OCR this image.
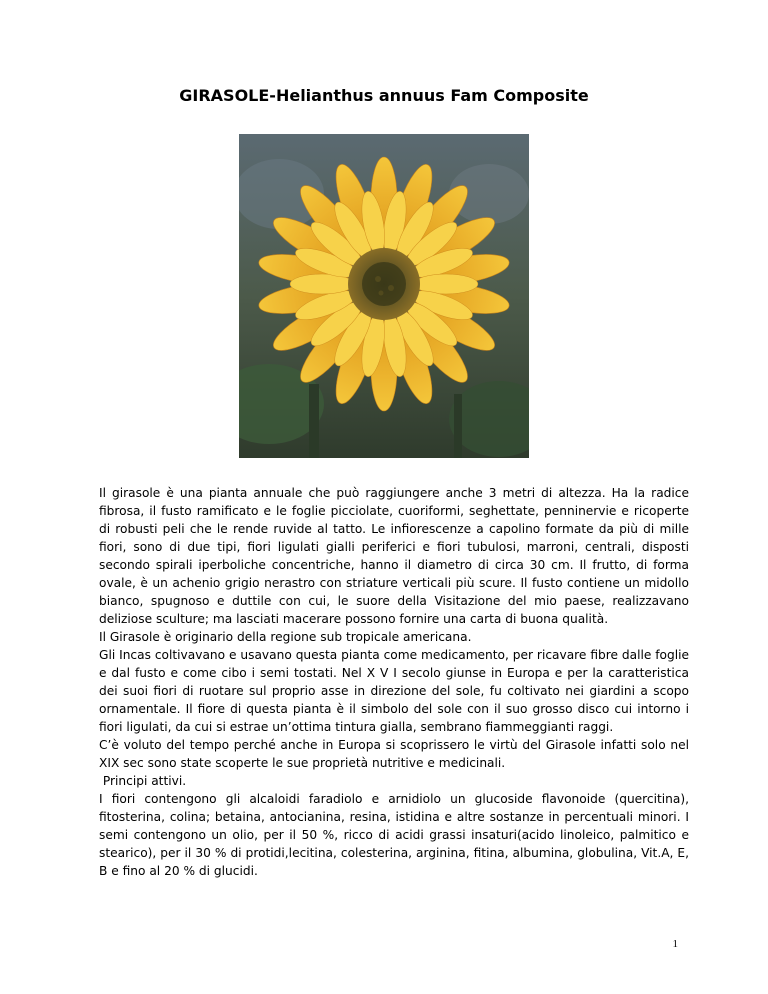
GIRASOLE-Helianthus annuus Fam Composite

Il girasole è una pianta annuale che può raggiungere anche 3 metri di altezza. Ha la radice fibrosa, il fusto ramificato e le foglie picciolate, cuoriformi, seghettate, penninervie e ricoperte di robusti peli che le rende ruvide al tatto. Le infiorescenze a capolino formate da più di mille fiori, sono di due tipi, fiori ligulati gialli periferici e fiori tubulosi, marroni, centrali, disposti secondo spirali iperboliche concentriche, hanno il diametro di circa 30 cm. Il frutto, di forma ovale, è un achenio grigio nerastro con striature verticali più scure. Il fusto contiene un midollo bianco, spugnoso e duttile con cui, le suore della Visitazione del mio paese, realizzavano deliziose sculture; ma lasciati macerare possono fornire una carta di buona qualità.

Il Girasole è originario della regione sub tropicale americana.

Gli Incas coltivavano e usavano questa pianta come medicamento, per ricavare fibre dalle foglie e dal fusto e come cibo i semi tostati. Nel X V I secolo giunse in Europa e per la caratteristica dei suoi fiori di ruotare sul proprio asse in direzione del sole, fu coltivato nei giardini a scopo ornamentale. Il fiore di questa pianta è il simbolo del sole con il suo grosso disco cui intorno i fiori ligulati, da cui si estrae un’ottima tintura gialla, sembrano fiammeggianti raggi.

C’è voluto del tempo perché anche in Europa si scoprissero le virtù del Girasole infatti solo nel XIX sec sono state scoperte le sue proprietà nutritive e medicinali.

Principi attivi.

I fiori contengono gli alcaloidi faradiolo e arnidiolo un glucoside flavonoide (quercitina), fitosterina, colina; betaina, antocianina, resina, istidina e altre sostanze in percentuali minori. I semi contengono un olio, per il 50 %, ricco di acidi grassi insaturi(acido linoleico, palmitico e stearico), per il 30 % di protidi,lecitina, colesterina, arginina, fitina, albumina, globulina, Vit.A, E, B e fino al 20 % di glucidi.

1
